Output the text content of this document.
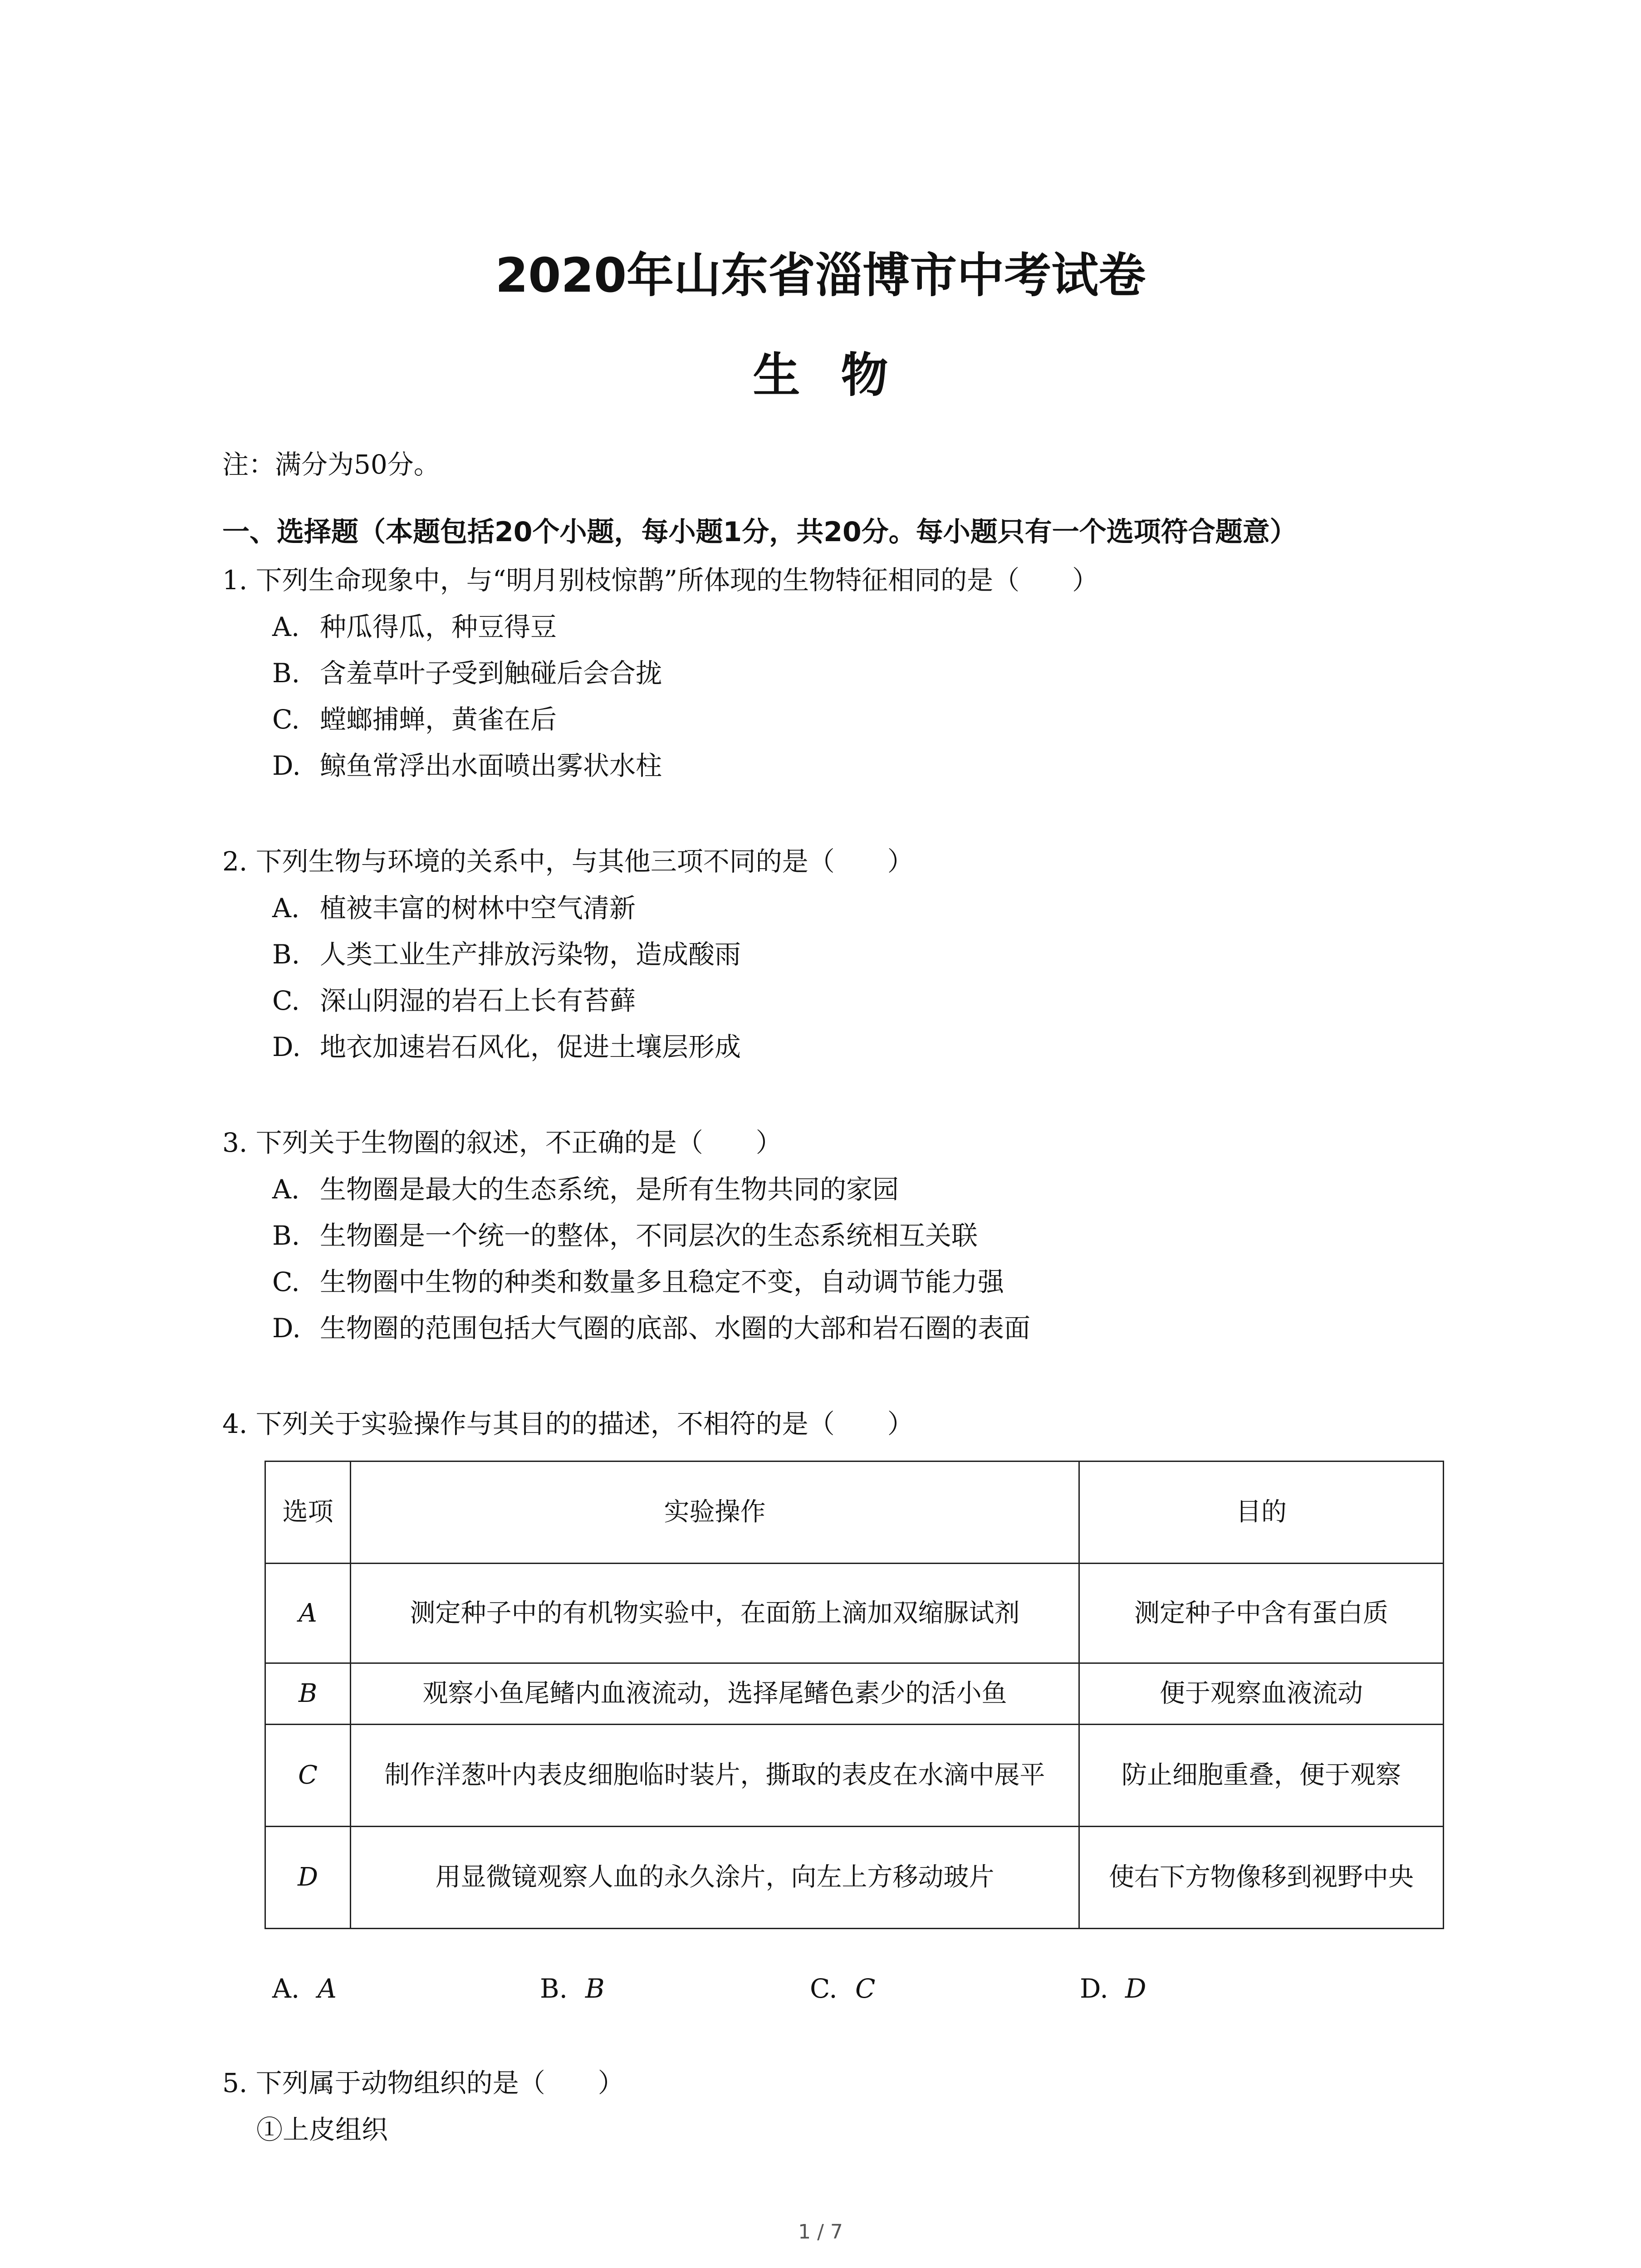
2020年山东省淄博市中考试卷
生物
注：满分为50分。
一、选择题（本题包括20个小题，每小题1分，共20分。每小题只有一个选项符合题意）
1. 下列生命现象中，与“明月别枝惊鹊”所体现的生物特征相同的是（　　）
A. 种瓜得瓜，种豆得豆
B. 含羞草叶子受到触碰后会合拢
C. 螳螂捕蝉，黄雀在后
D. 鲸鱼常浮出水面喷出雾状水柱
2. 下列生物与环境的关系中，与其他三项不同的是（　　）
A. 植被丰富的树林中空气清新
B. 人类工业生产排放污染物，造成酸雨
C. 深山阴湿的岩石上长有苔藓
D. 地衣加速岩石风化，促进土壤层形成
3. 下列关于生物圈的叙述，不正确的是（　　）
A. 生物圈是最大的生态系统，是所有生物共同的家园
B. 生物圈是一个统一的整体，不同层次的生态系统相互关联
C. 生物圈中生物的种类和数量多且稳定不变，自动调节能力强
D. 生物圈的范围包括大气圈的底部、水圈的大部和岩石圈的表面
4. 下列关于实验操作与其目的的描述，不相符的是（　　）
选项	实验操作	目的
A	测定种子中的有机物实验中，在面筋上滴加双缩脲试剂	测定种子中含有蛋白质
B	观察小鱼尾鳍内血液流动，选择尾鳍色素少的活小鱼	便于观察血液流动
C	制作洋葱叶内表皮细胞临时装片，撕取的表皮在水滴中展平	防止细胞重叠，便于观察
D	用显微镜观察人血的永久涂片，向左上方移动玻片	使右下方物像移到视野中央
A. A	B. B	C. C	D. D
5. 下列属于动物组织的是（　　）
①上皮组织
1 / 7
